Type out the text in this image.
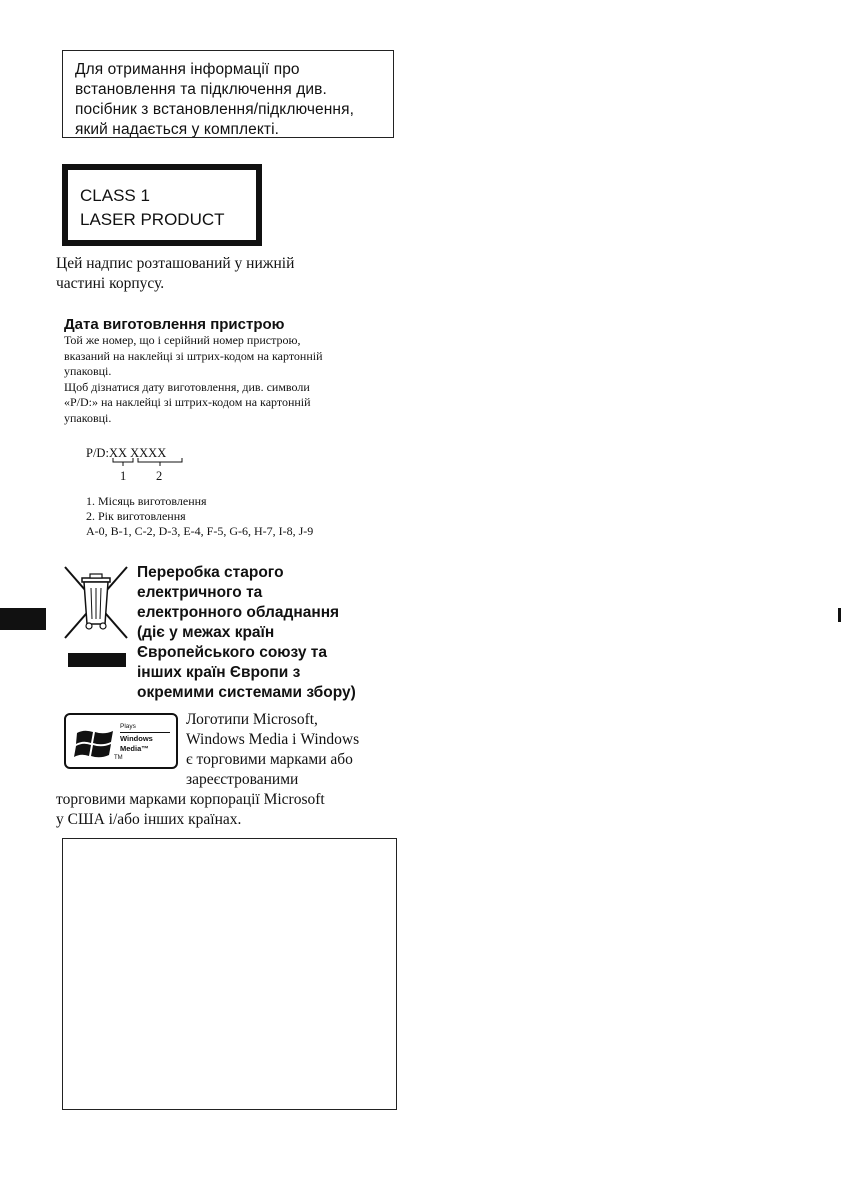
Для отримання інформації про
встановлення та підключення див.
посібник з встановлення/підключення,
який надається у комплекті.
CLASS 1
LASER PRODUCT
Цей надпис розташований у нижній
частині корпусу.
Дата виготовлення пристрою
Той же номер, що і серійний номер пристрою,
вказаний на наклейці зі штрих-кодом на картонній
упаковці.
Щоб дізнатися дату виготовлення, див. символи
«P/D:» на наклейці зі штрих-кодом на картонній
упаковці.
P/D:XX XXXX
1 2
1. Місяць виготовлення
2. Рік виготовлення
A-0, B-1, C-2, D-3, E-4, F-5, G-6, H-7, I-8, J-9
Переробка старого
електричного та
електронного обладнання
(діє у межах країн
Європейського союзу та
інших країн Європи з
окремими системами збору)
TM
Plays
Windows
Media™
Логотипи Microsoft,
Windows Media і Windows
є торговими марками або
зареєстрованими
торговими марками корпорації Microsoft
у США і/або інших країнах.
